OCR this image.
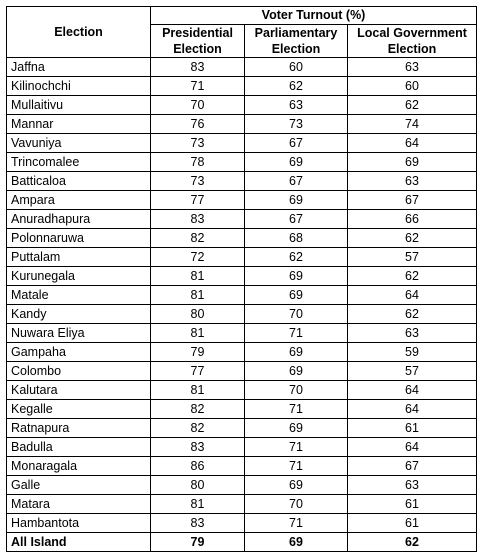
Election	Voter Turnout (%)		
	Presidential Election	Parliamentary Election	Local Government Election
Jaffna	83	60	63
Kilinochchi	71	62	60
Mullaitivu	70	63	62
Mannar	76	73	74
Vavuniya	73	67	64
Trincomalee	78	69	69
Batticaloa	73	67	63
Ampara	77	69	67
Anuradhapura	83	67	66
Polonnaruwa	82	68	62
Puttalam	72	62	57
Kurunegala	81	69	62
Matale	81	69	64
Kandy	80	70	62
Nuwara Eliya	81	71	63
Gampaha	79	69	59
Colombo	77	69	57
Kalutara	81	70	64
Kegalle	82	71	64
Ratnapura	82	69	61
Badulla	83	71	64
Monaragala	86	71	67
Galle	80	69	63
Matara	81	70	61
Hambantota	83	71	61
All Island	79	69	62
